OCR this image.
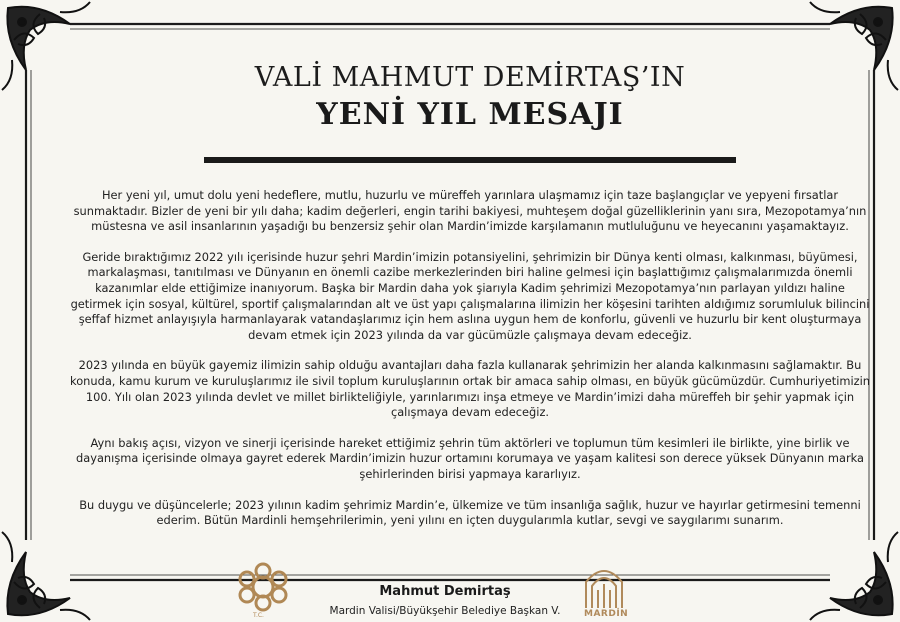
VALİ MAHMUT DEMİRTAŞ’IN
YENİ YIL MESAJI

Her yeni yıl, umut dolu yeni hedeflere, mutlu, huzurlu ve müreffeh yarınlara ulaşmamız için taze başlangıçlar ve yepyeni fırsatlar sunmaktadır. Bizler de yeni bir yılı daha; kadim değerleri, engin tarihi bakiyesi, muhteşem doğal güzelliklerinin yanı sıra, Mezopotamya’nın müstesna ve asil insanlarının yaşadığı bu benzersiz şehir olan Mardin’imizde karşılamanın mutluluğunu ve heyecanını yaşamaktayız.

Geride bıraktığımız 2022 yılı içerisinde huzur şehri Mardin’imizin potansiyelini, şehrimizin bir Dünya kenti olması, kalkınması, büyümesi, markalaşması, tanıtılması ve Dünyanın en önemli cazibe merkezlerinden biri haline gelmesi için başlattığımız çalışmalarımızda önemli kazanımlar elde ettiğimize inanıyorum. Başka bir Mardin daha yok şiarıyla Kadim şehrimizi Mezopotamya’nın parlayan yıldızı haline getirmek için sosyal, kültürel, sportif çalışmalarından alt ve üst yapı çalışmalarına ilimizin her köşesini tarihten aldığımız sorumluluk bilincini şeffaf hizmet anlayışıyla harmanlayarak vatandaşlarımız için hem aslına uygun hem de konforlu, güvenli ve huzurlu bir kent oluşturmaya devam etmek için 2023 yılında da var gücümüzle çalışmaya devam edeceğiz.

2023 yılında en büyük gayemiz ilimizin sahip olduğu avantajları daha fazla kullanarak şehrimizin her alanda kalkınmasını sağlamaktır. Bu konuda, kamu kurum ve kuruluşlarımız ile sivil toplum kuruluşlarının ortak bir amaca sahip olması, en büyük gücümüzdür. Cumhuriyetimizin 100. Yılı olan 2023 yılında devlet ve millet birlikteliğiyle, yarınlarımızı inşa etmeye ve Mardin’imizi daha müreffeh bir şehir yapmak için çalışmaya devam edeceğiz.

Aynı bakış açısı, vizyon ve sinerji içerisinde hareket ettiğimiz şehrin tüm aktörleri ve toplumun tüm kesimleri ile birlikte, yine birlik ve dayanışma içerisinde olmaya gayret ederek Mardin’imizin huzur ortamını korumaya ve yaşam kalitesi son derece yüksek Dünyanın marka şehirlerinden birisi yapmaya kararlıyız.

Bu duygu ve düşüncelerle; 2023 yılının kadim şehrimiz Mardin’e, ülkemize ve tüm insanlığa sağlık, huzur ve hayırlar getirmesini temenni ederim. Bütün Mardinli hemşehrilerimin, yeni yılını en içten duygularımla kutlar, sevgi ve saygılarımı sunarım.

T.C.
Mahmut Demirtaş
Mardin Valisi/Büyükşehir Belediye Başkan V.	MARDİN
